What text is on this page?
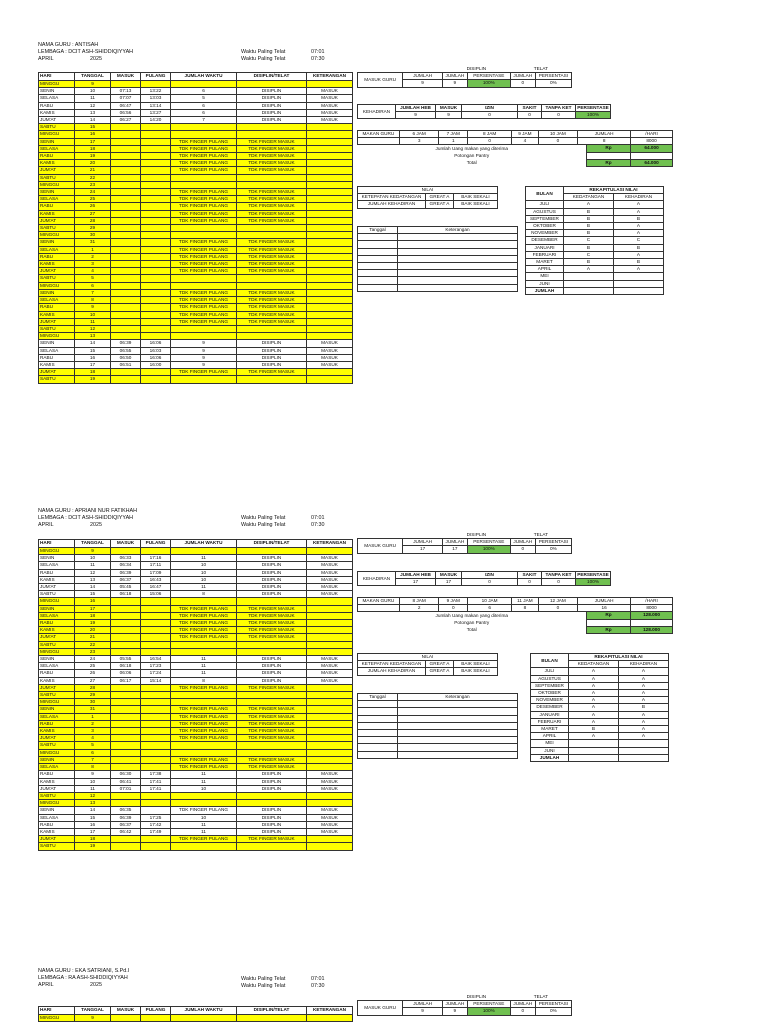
NAMA GURU : ANTISAH
LEMBAGA : DCIT ASH-SHIDDIQIYYAH
APRIL	2025
Waktu Paling Telat	07:01
Waktu Paling Telat	07:30
HARI	TANGGAL	MASUK	PULANG	JUMLAH WAKTU	DISIPLIN/TELAT	KETERANGAN
MINGGU	9					
SENIN	10	07:13	13:22	6	DISIPLIN	MASUK
SELASA	11	07:07	13:03	5	DISIPLIN	MASUK
RABU	12	06:47	13:14	6	DISIPLIN	MASUK
KAMIS	13	06:56	13:27	6	DISIPLIN	MASUK
JUM'AT	14	06:27	14:20	7	DISIPLIN	MASUK
SABTU	15					
MINGGU	16					
SENIN	17			TDK FINGER PULANG	TDK FINGER MASUK	
SELASA	18			TDK FINGER PULANG	TDK FINGER MASUK	
RABU	19			TDK FINGER PULANG	TDK FINGER MASUK	
KAMIS	20			TDK FINGER PULANG	TDK FINGER MASUK	
JUM'AT	21			TDK FINGER PULANG	TDK FINGER MASUK	
SABTU	22					
MINGGU	23					
SENIN	24			TDK FINGER PULANG	TDK FINGER MASUK	
SELASA	25			TDK FINGER PULANG	TDK FINGER MASUK	
RABU	26			TDK FINGER PULANG	TDK FINGER MASUK	
KAMIS	27			TDK FINGER PULANG	TDK FINGER MASUK	
JUM'AT	28			TDK FINGER PULANG	TDK FINGER MASUK	
SABTU	29					
MINGGU	30					
SENIN	31			TDK FINGER PULANG	TDK FINGER MASUK	
SELASA	1			TDK FINGER PULANG	TDK FINGER MASUK	
RABU	2			TDK FINGER PULANG	TDK FINGER MASUK	
KAMIS	3			TDK FINGER PULANG	TDK FINGER MASUK	
JUM'AT	4			TDK FINGER PULANG	TDK FINGER MASUK	
SABTU	5					
MINGGU	6					
SENIN	7			TDK FINGER PULANG	TDK FINGER MASUK	
SELASA	8			TDK FINGER PULANG	TDK FINGER MASUK	
RABU	9			TDK FINGER PULANG	TDK FINGER MASUK	
KAMIS	10			TDK FINGER PULANG	TDK FINGER MASUK	
JUM'AT	11			TDK FINGER PULANG	TDK FINGER MASUK	
SABTU	12					
MINGGU	13					
SENIN	14	06:39	16:06	9	DISIPLIN	MASUK
SELASA	15	06:55	16:03	9	DISIPLIN	MASUK
RABU	16	06:50	16:06	9	DISIPLIN	MASUK
KAMIS	17	06:51	16:00	9	DISIPLIN	MASUK
JUM'AT	18			TDK FINGER PULANG	TDK FINGER MASUK	
SABTU	19					
		DISIPLIN		TELAT	
MASUK GURU	JUMLAH	JUMLAH	PERSENTASE	JUMLAH	PERSENTASI
	9	9	100%	0	0%
KEHADIRAN	JUMLAH HEB	MASUK	IZIN	SAKIT	TANPA KET	PERSENTASE
	9	9	0	0	0	100%
MAKAN GURU	6 JAM	7 JAM	8 JAM	9 JAM	10 JAM	JUMLAH		/HARI
	3	1	0	4	0	8		8000
Jumlah Uang makan yang diterima							Rp	64.000
Potongan Pantry								
Total							Rp	64.000
NILAI		
KETEPATAN KEDATANGAN	GREAT A	BAIK SEKALI
JUMLAH KEHADIRAN	GREAT A	BAIK SEKALI
Tanggal	Keterangan

BULAN	REKAPITULASI NILAI	
	KEDATANGAN	KEHADIRAN
JULI	A	A
AGUSTUS	B	A
SEPTEMBER	B	B
OKTOBER	B	A
NOVEMBER	B	A
DESEMBER	C	C
JANUARI	B	B
FEBRUARI	C	A
MARET	B	B
APRIL	A	A
MEI		
JUNI		
JUMLAH		
NAMA GURU : APRIANI NUR FATIKHAH
LEMBAGA : DCIT ASH-SHIDDIQIYYAH
APRIL	2025
Waktu Paling Telat	07:01
Waktu Paling Telat	07:30
HARI	TANGGAL	MASUK	PULANG	JUMLAH WAKTU	DISIPLIN/TELAT	KETERANGAN
MINGGU	9					
SENIN	10	06:33	17:16	11	DISIPLIN	MASUK
SELASA	11	06:34	17:11	10	DISIPLIN	MASUK
RABU	12	06:39	17:09	10	DISIPLIN	MASUK
KAMIS	13	06:37	16:43	10	DISIPLIN	MASUK
JUM'AT	14	05:45	16:47	11	DISIPLIN	MASUK
SABTU	15	06:18	15:06	8	DISIPLIN	MASUK
MINGGU	16					
SENIN	17			TDK FINGER PULANG	TDK FINGER MASUK	
SELASA	18			TDK FINGER PULANG	TDK FINGER MASUK	
RABU	19			TDK FINGER PULANG	TDK FINGER MASUK	
KAMIS	20			TDK FINGER PULANG	TDK FINGER MASUK	
JUM'AT	21			TDK FINGER PULANG	TDK FINGER MASUK	
SABTU	22					
MINGGU	23					
SENIN	24	05:55	16:54	11	DISIPLIN	MASUK
SELASA	25	06:18	17:23	11	DISIPLIN	MASUK
RABU	26	06:06	17:24	11	DISIPLIN	MASUK
KAMIS	27	06:17	15:14	8	DISIPLIN	MASUK
JUM'AT	28			TDK FINGER PULANG	TDK FINGER MASUK	
SABTU	29					
MINGGU	30					
SENIN	31			TDK FINGER PULANG	TDK FINGER MASUK	
SELASA	1			TDK FINGER PULANG	TDK FINGER MASUK	
RABU	2			TDK FINGER PULANG	TDK FINGER MASUK	
KAMIS	3			TDK FINGER PULANG	TDK FINGER MASUK	
JUM'AT	4			TDK FINGER PULANG	TDK FINGER MASUK	
SABTU	5					
MINGGU	6					
SENIN	7			TDK FINGER PULANG	TDK FINGER MASUK	
SELASA	8			TDK FINGER PULANG	TDK FINGER MASUK	
RABU	9	06:30	17:38	11	DISIPLIN	MASUK
KAMIS	10	06:41	17:41	11	DISIPLIN	MASUK
JUM'AT	11	07:01	17:41	10	DISIPLIN	MASUK
SABTU	12					
MINGGU	13					
SENIN	14	06:35		TDK FINGER PULANG	DISIPLIN	MASUK
SELASA	15	06:39	17:25	10	DISIPLIN	MASUK
RABU	16	06:37	17:42	11	DISIPLIN	MASUK
KAMIS	17	06:42	17:49	11	DISIPLIN	MASUK
JUM'AT	18			TDK FINGER PULANG	TDK FINGER MASUK	
SABTU	19					
		DISIPLIN		TELAT	
MASUK GURU	JUMLAH	JUMLAH	PERSENTASE	JUMLAH	PERSENTASI
	17	17	100%	0	0%
KEHADIRAN	JUMLAH HEB	MASUK	IZIN	SAKIT	TANPA KET	PERSENTASE
	17	17	0	0	0	100%
MAKAN GURU	8 JAM	9 JAM	10 JAM	11 JAM	12 JAM	JUMLAH		/HARI
	2	0	6	8	0	16		8000
Jumlah Uang makan yang diterima							Rp	128.000
Potongan Pantry								
Total							Rp	128.000
NILAI		
KETEPATAN KEDATANGAN	GREAT A	BAIK SEKALI
JUMLAH KEHADIRAN	GREAT A	BAIK SEKALI
Tanggal	Keterangan

BULAN	REKAPITULASI NILAI	
	KEDATANGAN	KEHADIRAN
JULI	A	A
AGUSTUS	A	A
SEPTEMBER	A	A
OKTOBER	A	A
NOVEMBER	A	A
DESEMBER	A	B
JANUARI	A	A
FEBRUARI	A	A
MARET	B	A
APRIL	A	A
MEI		
JUNI		
JUMLAH		
NAMA GURU : EKA SATRIANI, S.Pd.I
LEMBAGA : RA ASH-SHIDDIQIYYAH
APRIL	2025
Waktu Paling Telat	07:01
Waktu Paling Telat	07:30
HARI	TANGGAL	MASUK	PULANG	JUMLAH WAKTU	DISIPLIN/TELAT	KETERANGAN
MINGGU	9					
		DISIPLIN		TELAT	
MASUK GURU	JUMLAH	JUMLAH	PERSENTASE	JUMLAH	PERSENTASI
	9	9	100%	0	0%
